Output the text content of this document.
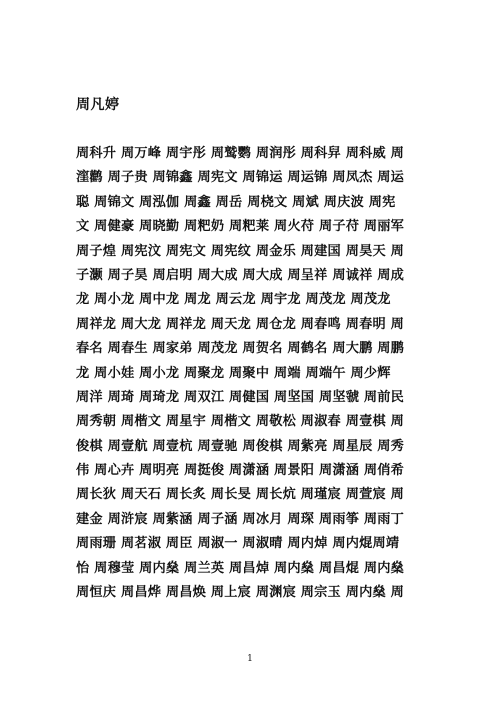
周凡婷
周科升 周万峰 周宇彤 周鹫鹦 周润彤 周科舁 周科威 周
漥鹳 周子贵 周锦鑫 周宪文 周锦运 周运锦 周凤杰 周运
聪 周锦文 周泓伽 周鑫 周岳 周桡文 周斌 周庆波 周宪
文 周健豪 周晓勤 周粑奶 周粑莱 周火苻 周子苻 周丽军
周子煌 周宪汶 周宪文 周宪纹 周金乐 周建国 周昊天 周
子灏 周子昊 周启明 周大成 周大成 周呈祥 周诚祥 周成
龙 周小龙 周中龙 周龙 周云龙 周宇龙 周茂龙 周茂龙
周祥龙 周大龙 周祥龙 周天龙 周仓龙 周春鸣 周春明 周
春名 周春生 周家弟 周茂龙 周贺名 周鹤名 周大鹏 周鹏
龙 周小娃 周小龙 周聚龙 周聚中 周端 周端午 周少辉
周洋 周琦 周琦龙 周双江 周健国 周坚国 周坚虢 周前民
周秀朝 周楷文 周星宇 周楷文 周敬松 周淑春 周壹棋 周
俊棋 周壹航 周壹杭 周壹驰 周俊棋 周紫亮 周星辰 周秀
伟 周心卉 周明亮 周挺俊 周潇涵 周景阳 周潇涵 周俏希
周长狄 周天石 周长炙 周长旻 周长炕 周瑾宸 周萱宸 周
建金 周浒宸 周紫涵 周子涵 周冰月 周琛 周雨筝 周雨丁
周雨珊 周茗淑 周臣 周淑一 周淑晴 周内焯 周内焜周靖
怡 周穆莹 周内燊 周兰英 周昌焯 周内燊 周昌焜 周内燊
周恒庆 周昌烨 周昌焕 周上宸 周渊宸 周宗玉 周内燊 周
1
